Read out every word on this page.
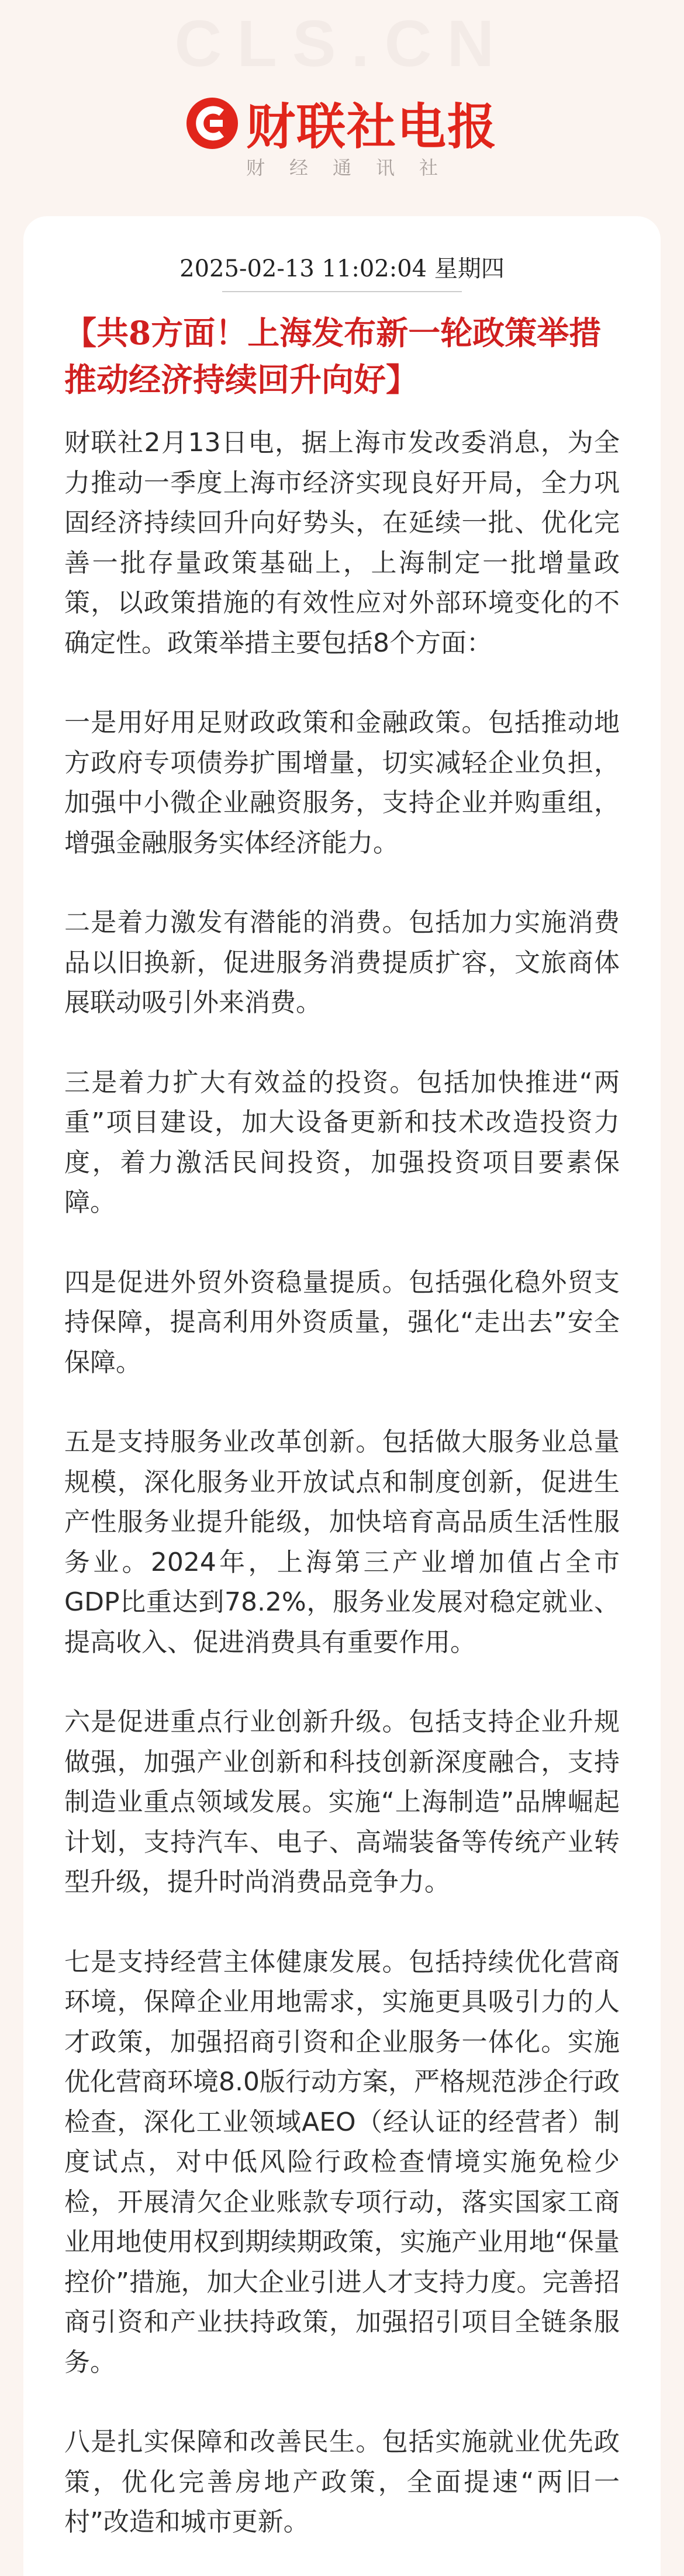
CLS.CN
财联社电报
财经通讯社
2025-02-13 11:02:04 星期四
【共8方面！上海发布新一轮政策举措 推动经济持续回升向好】

财联社2月13日电，据上海市发改委消息，为全力推动一季度上海市经济实现良好开局，全力巩固经济持续回升向好势头，在延续一批、优化完善一批存量政策基础上，上海制定一批增量政策，以政策措施的有效性应对外部环境变化的不确定性。政策举措主要包括8个方面：

一是用好用足财政政策和金融政策。包括推动地方政府专项债券扩围增量，切实减轻企业负担，加强中小微企业融资服务，支持企业并购重组，增强金融服务实体经济能力。

二是着力激发有潜能的消费。包括加力实施消费品以旧换新，促进服务消费提质扩容，文旅商体展联动吸引外来消费。

三是着力扩大有效益的投资。包括加快推进“两重”项目建设，加大设备更新和技术改造投资力度，着力激活民间投资，加强投资项目要素保障。

四是促进外贸外资稳量提质。包括强化稳外贸支持保障，提高利用外资质量，强化“走出去”安全保障。

五是支持服务业改革创新。包括做大服务业总量规模，深化服务业开放试点和制度创新，促进生产性服务业提升能级，加快培育高品质生活性服务业。2024年，上海第三产业增加值占全市GDP比重达到78.2%，服务业发展对稳定就业、提高收入、促进消费具有重要作用。

六是促进重点行业创新升级。包括支持企业升规做强，加强产业创新和科技创新深度融合，支持制造业重点领域发展。实施“上海制造”品牌崛起计划，支持汽车、电子、高端装备等传统产业转型升级，提升时尚消费品竞争力。

七是支持经营主体健康发展。包括持续优化营商环境，保障企业用地需求，实施更具吸引力的人才政策，加强招商引资和企业服务一体化。实施优化营商环境8.0版行动方案，严格规范涉企行政检查，深化工业领域AEO（经认证的经营者）制度试点，对中低风险行政检查情境实施免检少检，开展清欠企业账款专项行动，落实国家工商业用地使用权到期续期政策，实施产业用地“保量控价”措施，加大企业引进人才支持力度。完善招商引资和产业扶持政策，加强招引项目全链条服务。

八是扎实保障和改善民生。包括实施就业优先政策，优化完善房地产政策，全面提速“两旧一村”改造和城市更新。
